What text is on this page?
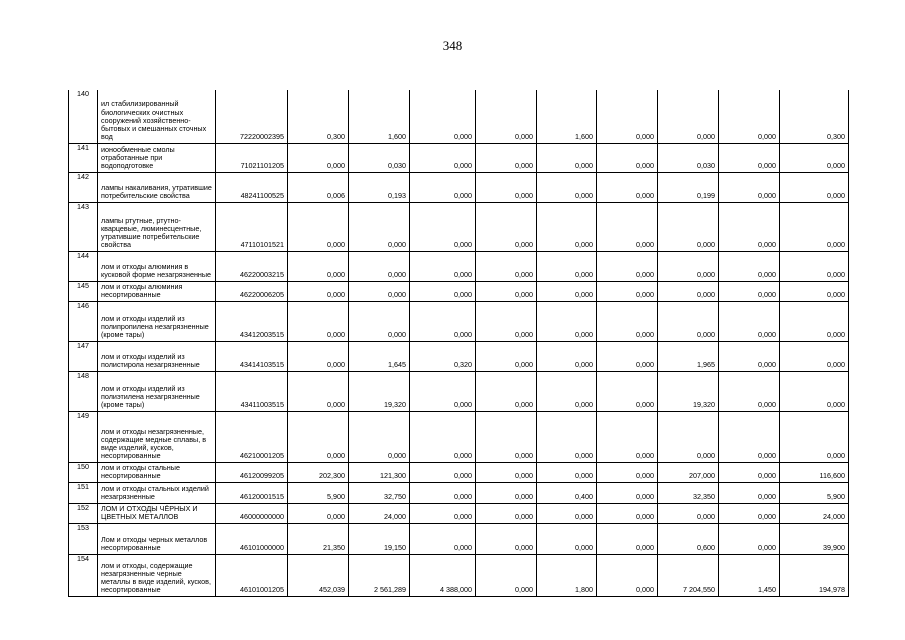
348
140	ил стабилизированный биологических очистных сооружений хозяйственно-бытовых и смешанных сточных вод	72220002395	0,300	1,600	0,000	0,000	1,600	0,000	0,000	0,000	0,300
141	ионообменные смолы отработанные при водоподготовке	71021101205	0,000	0,030	0,000	0,000	0,000	0,000	0,030	0,000	0,000
142	лампы накаливания, утратившие потребительские свойства	48241100525	0,006	0,193	0,000	0,000	0,000	0,000	0,199	0,000	0,000
143	лампы ртутные, ртутно-кварцевые, люминесцентные, утратившие потребительские свойства	47110101521	0,000	0,000	0,000	0,000	0,000	0,000	0,000	0,000	0,000
144	лом и отходы алюминия в кусковой форме незагрязненные	46220003215	0,000	0,000	0,000	0,000	0,000	0,000	0,000	0,000	0,000
145	лом и отходы алюминия несортированные	46220006205	0,000	0,000	0,000	0,000	0,000	0,000	0,000	0,000	0,000
146	лом и отходы изделий из полипропилена незагрязненные (кроме тары)	43412003515	0,000	0,000	0,000	0,000	0,000	0,000	0,000	0,000	0,000
147	лом и отходы изделий из полистирола незагрязненные	43414103515	0,000	1,645	0,320	0,000	0,000	0,000	1,965	0,000	0,000
148	лом и отходы изделий из полиэтилена незагрязненные (кроме тары)	43411003515	0,000	19,320	0,000	0,000	0,000	0,000	19,320	0,000	0,000
149	лом и отходы незагрязненные, содержащие медные сплавы, в виде изделий, кусков, несортированные	46210001205	0,000	0,000	0,000	0,000	0,000	0,000	0,000	0,000	0,000
150	лом и отходы стальные несортированные	46120099205	202,300	121,300	0,000	0,000	0,000	0,000	207,000	0,000	116,600
151	лом и отходы стальных изделий незагрязненные	46120001515	5,900	32,750	0,000	0,000	0,400	0,000	32,350	0,000	5,900
152	ЛОМ И ОТХОДЫ ЧЁРНЫХ И ЦВЕТНЫХ МЕТАЛЛОВ	46000000000	0,000	24,000	0,000	0,000	0,000	0,000	0,000	0,000	24,000
153	Лом и отходы черных металлов несортированные	46101000000	21,350	19,150	0,000	0,000	0,000	0,000	0,600	0,000	39,900
154	лом и отходы, содержащие незагрязненные черные металлы в виде изделий, кусков, несортированные	46101001205	452,039	2 561,289	4 388,000	0,000	1,800	0,000	7 204,550	1,450	194,978
